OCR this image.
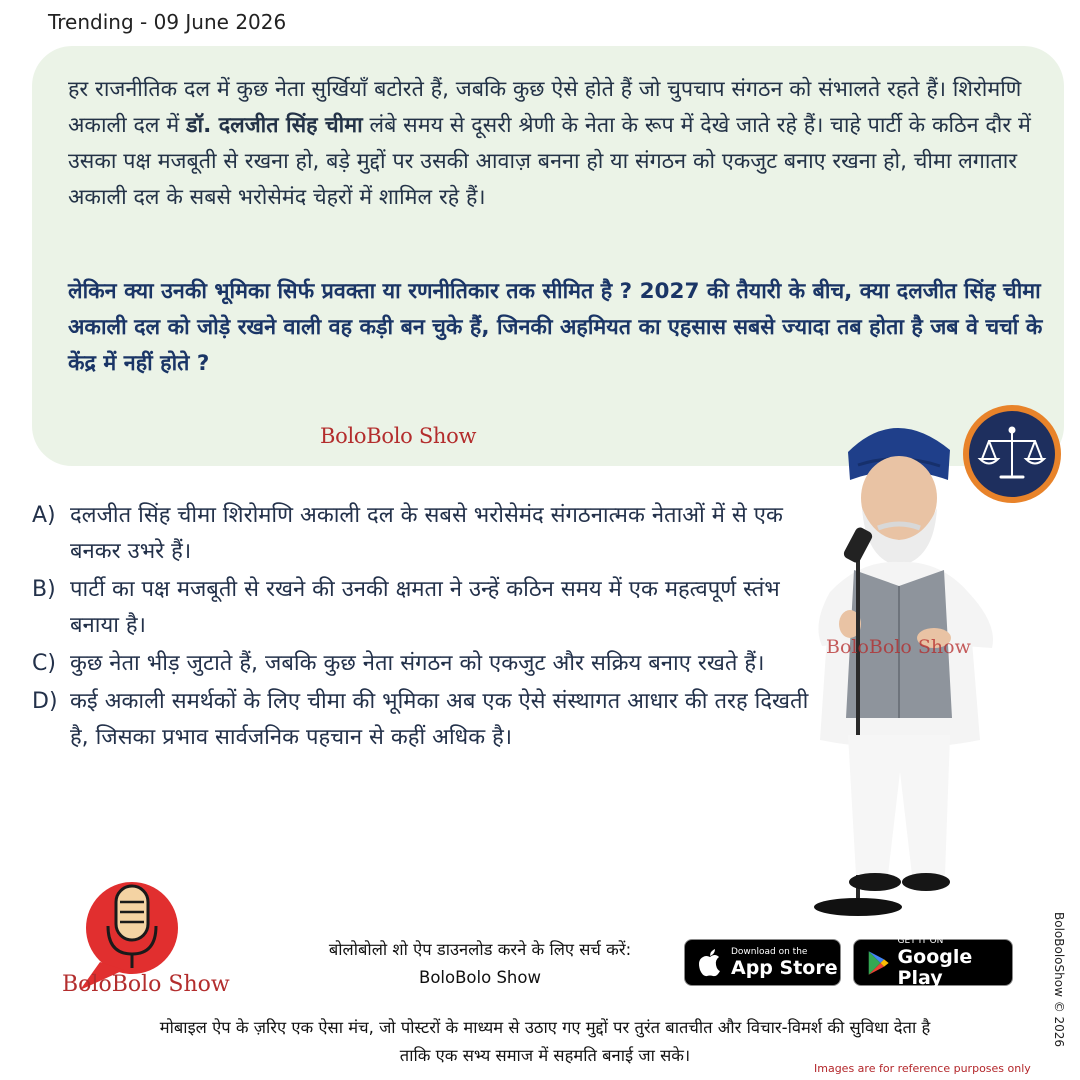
Trending - 09 June 2026
हर राजनीतिक दल में कुछ नेता सुर्खियाँ बटोरते हैं, जबकि कुछ ऐसे होते हैं जो चुपचाप संगठन को संभालते रहते हैं। शिरोमणि अकाली दल में डॉ. दलजीत सिंह चीमा लंबे समय से दूसरी श्रेणी के नेता के रूप में देखे जाते रहे हैं। चाहे पार्टी के कठिन दौर में उसका पक्ष मजबूती से रखना हो, बड़े मुद्दों पर उसकी आवाज़ बनना हो या संगठन को एकजुट बनाए रखना हो, चीमा लगातार अकाली दल के सबसे भरोसेमंद चेहरों में शामिल रहे हैं।
लेकिन क्या उनकी भूमिका सिर्फ प्रवक्ता या रणनीतिकार तक सीमित है ? 2027 की तैयारी के बीच, क्या दलजीत सिंह चीमा अकाली दल को जोड़े रखने वाली वह कड़ी बन चुके हैं, जिनकी अहमियत का एहसास सबसे ज्यादा तब होता है जब वे चर्चा के केंद्र में नहीं होते ?
BoloBolo Show
A) दलजीत सिंह चीमा शिरोमणि अकाली दल के सबसे भरोसेमंद संगठनात्मक नेताओं में से एक बनकर उभरे हैं।
B) पार्टी का पक्ष मजबूती से रखने की उनकी क्षमता ने उन्हें कठिन समय में एक महत्वपूर्ण स्तंभ बनाया है।
C) कुछ नेता भीड़ जुटाते हैं, जबकि कुछ नेता संगठन को एकजुट और सक्रिय बनाए रखते हैं।
D) कई अकाली समर्थकों के लिए चीमा की भूमिका अब एक ऐसे संस्थागत आधार की तरह दिखती है, जिसका प्रभाव सार्वजनिक पहचान से कहीं अधिक है।
BoloBolo Show
BoloBoloShow © 2026
BoloBolo Show
बोलोबोलो शो ऐप डाउनलोड करने के लिए सर्च करें:
BoloBolo Show
Download on the
App Store
GET IT ON
Google Play
मोबाइल ऐप के ज़रिए एक ऐसा मंच, जो पोस्टरों के माध्यम से उठाए गए मुद्दों पर तुरंत बातचीत और विचार-विमर्श की सुविधा देता है
ताकि एक सभ्य समाज में सहमति बनाई जा सके।
Images are for reference purposes only
